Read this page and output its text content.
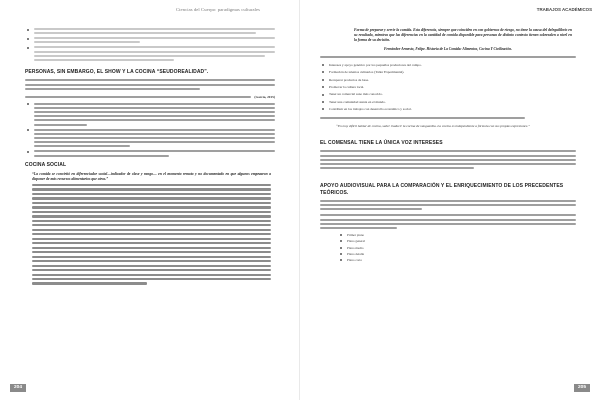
Ciencias del Cuerpo: paradigmas culturales
PERSONAS, SIN EMBARGO, EL SHOW Y LA COCINA “SEUDOREALIDAD”.
(García, 2015)
COCINA SOCIAL
“La comida se convirtió en diferenciador social—indicador de clase y rango— en el momento remoto y no documentado en que algunos empezaron a disponer de más recursos alimentarios que otros.”
204
TRABAJOS ACADÉMICOS
Forma de preparar y servir la comida. Esta diferencia, siempre que coinciden en con gobiernos de riesgo, no tiene la causa del deleguilibrio en su resultado, mientras que las diferencias en la cantidad de comida disponible para personas de distinto contexto tienen sobresalen a nivel en la forma de su decisión.
Fernández-Armesto, Felipe. Historia de La Comida: Alimentos, Cocina Y Civilización.
Intereses y apoyo genérico por los pequeños productores del campo.
Formación de talentos culinarios (Taller Experimental).
Recuperar productos de base.
Promover la cultura local.
Tener un comercial sano más conocido.
Tener una comunidad atenta en el mundo.
Contribuir en los trabajos con desarrollo económico y social.
“En muy difícil hablar de cocina, saber traducir la cocina de vanguardia. La cocina es independiente a fórmula con sus propias expresiones.”
EL COMENSAL TIENE LA ÚNICA VOZ INTERESES
APOYO AUDIOVISUAL PARA LA COMPARACIÓN Y EL ENRIQUECIMIENTO DE LOS PRECEDENTES TEÓRICOS.
Primer plano
Plano general
Plano medio
Plano detalle
Plano corto
205
